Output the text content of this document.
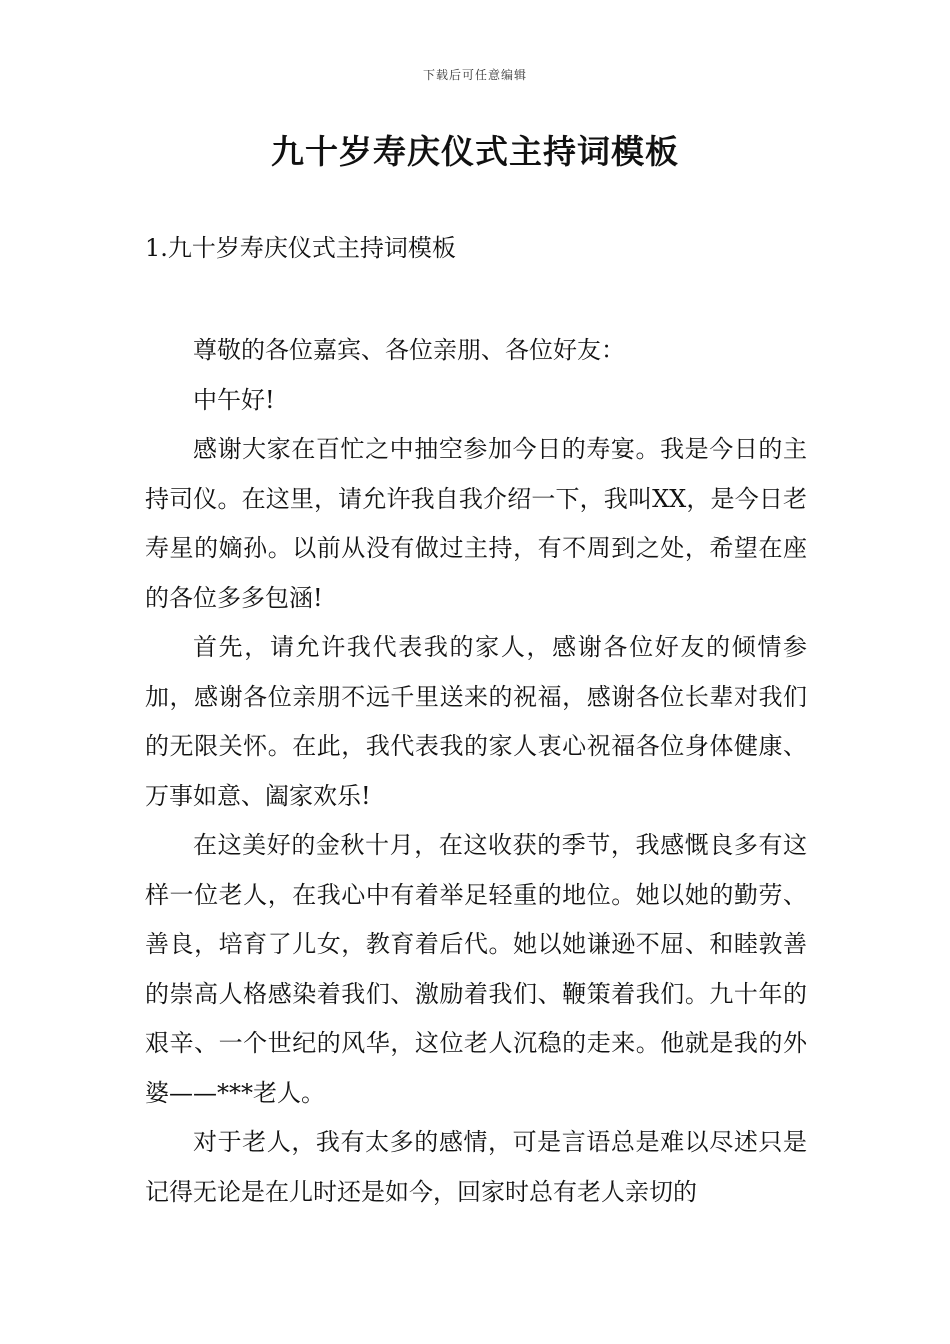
下载后可任意编辑
九十岁寿庆仪式主持词模板
1.九十岁寿庆仪式主持词模板

尊敬的各位嘉宾、各位亲朋、各位好友：

中午好!

感谢大家在百忙之中抽空参加今日的寿宴。我是今日的主持司仪。在这里，请允许我自我介绍一下，我叫XX，是今日老寿星的嫡孙。以前从没有做过主持，有不周到之处，希望在座的各位多多包涵!

首先，请允许我代表我的家人，感谢各位好友的倾情参加，感谢各位亲朋不远千里送来的祝福，感谢各位长辈对我们的无限关怀。在此，我代表我的家人衷心祝福各位身体健康、万事如意、阖家欢乐!

在这美好的金秋十月，在这收获的季节，我感慨良多有这样一位老人，在我心中有着举足轻重的地位。她以她的勤劳、善良，培育了儿女，教育着后代。她以她谦逊不屈、和睦敦善的崇高人格感染着我们、激励着我们、鞭策着我们。九十年的艰辛、一个世纪的风华，这位老人沉稳的走来。他就是我的外婆——***老人。

对于老人，我有太多的感情，可是言语总是难以尽述只是记得无论是在儿时还是如今，回家时总有老人亲切的
